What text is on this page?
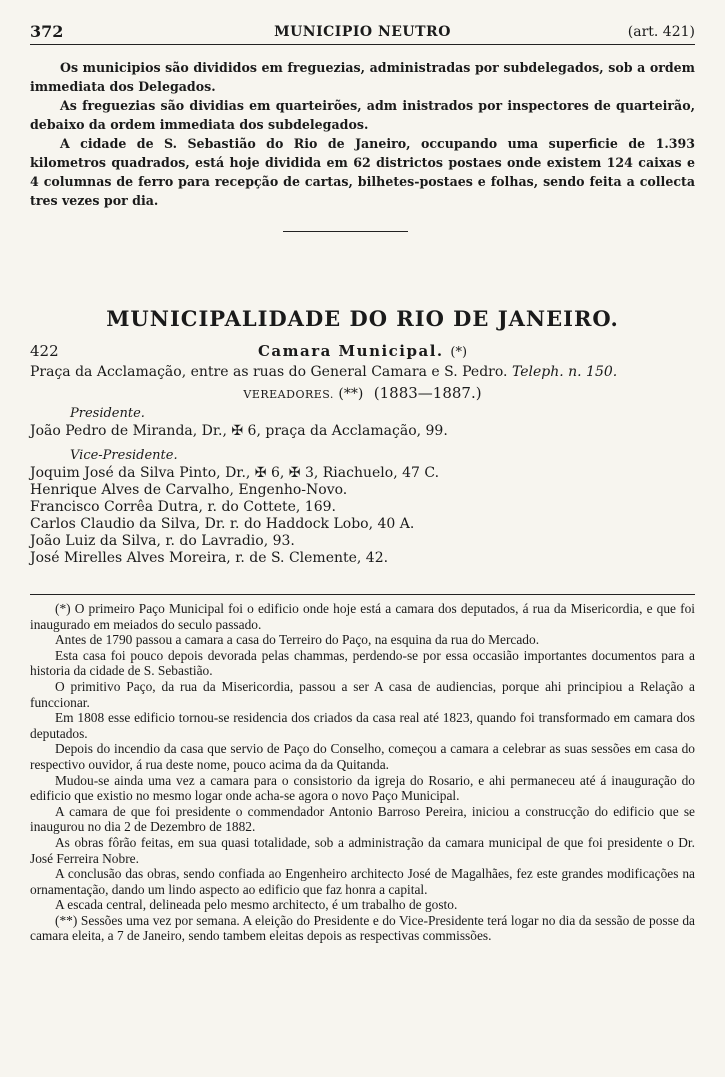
372	MUNICIPIO NEUTRO	(art. 421)

Os municipios são divididos em freguezias, administradas por subdelegados, sob a ordem immediata dos Delegados.

As freguezias são dividias em quarteirões, adm inistrados por inspectores de quarteirão, debaixo da ordem immediata dos subdelegados.

A cidade de S. Sebastião do Rio de Janeiro, occupando uma superficie de 1.393 kilometros quadrados, está hoje dividida em 62 districtos postaes onde existem 124 caixas e 4 columnas de ferro para recepção de cartas, bilhetes-postaes e folhas, sendo feita a collecta tres vezes por dia.

MUNICIPALIDADE DO RIO DE JANEIRO.
422	Camara Municipal. (*)
Praça da Acclamação, entre as ruas do General Camara e S. Pedro. Teleph. n. 150.
VEREADORES. (**) (1883—1887.)
Presidente.
João Pedro de Miranda, Dr., ✠ 6, praça da Acclamação, 99.
Vice-Presidente.
Joquim José da Silva Pinto, Dr., ✠ 6, ✠ 3, Riachuelo, 47 C.
Henrique Alves de Carvalho, Engenho-Novo.
Francisco Corrêa Dutra, r. do Cottete, 169.
Carlos Claudio da Silva, Dr. r. do Haddock Lobo, 40 A.
João Luiz da Silva, r. do Lavradio, 93.
José Mirelles Alves Moreira, r. de S. Clemente, 42.

(*) O primeiro Paço Municipal foi o edificio onde hoje está a camara dos deputados, á rua da Misericordia, e que foi inaugurado em meiados do seculo passado.

Antes de 1790 passou a camara a casa do Terreiro do Paço, na esquina da rua do Mercado.

Esta casa foi pouco depois devorada pelas chammas, perdendo-se por essa occasião importantes documentos para a historia da cidade de S. Sebastião.

O primitivo Paço, da rua da Misericordia, passou a ser A casa de audiencias, porque ahi principiou a Relação a funccionar.

Em 1808 esse edificio tornou-se residencia dos criados da casa real até 1823, quando foi transformado em camara dos deputados.

Depois do incendio da casa que servio de Paço do Conselho, começou a camara a celebrar as suas sessões em casa do respectivo ouvidor, á rua deste nome, pouco acima da da Quitanda.

Mudou-se ainda uma vez a camara para o consistorio da igreja do Rosario, e ahi permaneceu até á inauguração do edificio que existio no mesmo logar onde acha-se agora o novo Paço Municipal.

A camara de que foi presidente o commendador Antonio Barroso Pereira, iniciou a construcção do edificio que se inaugurou no dia 2 de Dezembro de 1882.

As obras fôrão feitas, em sua quasi totalidade, sob a administração da camara municipal de que foi presidente o Dr. José Ferreira Nobre.

A conclusão das obras, sendo confiada ao Engenheiro architecto José de Magalhães, fez este grandes modificações na ornamentação, dando um lindo aspecto ao edificio que faz honra a capital.

A escada central, delineada pelo mesmo architecto, é um trabalho de gosto.

(**) Sessões uma vez por semana. A eleição do Presidente e do Vice-Presidente terá logar no dia da sessão de posse da camara eleita, a 7 de Janeiro, sendo tambem eleitas depois as respectivas commissões.
